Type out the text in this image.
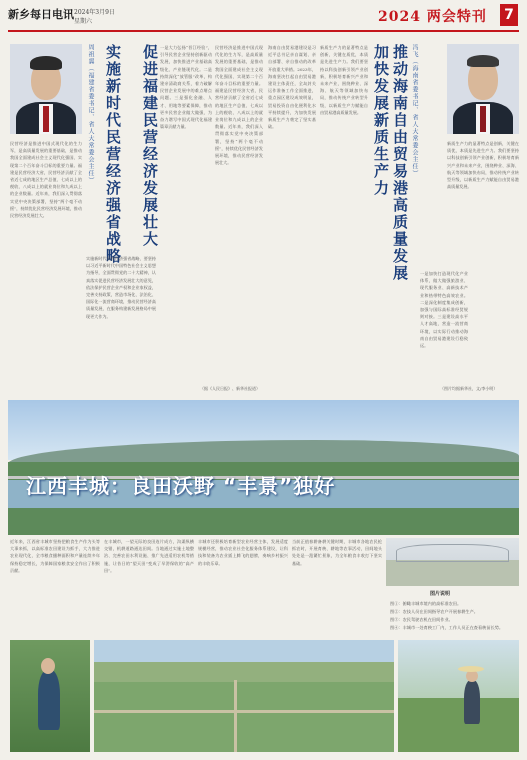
新乡每日电讯 2024年3月9日
星期六	2024 两会特刊 7
促进福建民营经济发展壮大
实施新时代民营经济强省战略
周祖翼（福建省委书记、省人大常委会主任）
民营经济是推进中国式现代化的生力军，是高质量发展的重要基础，是推动我国全面建成社会主义现代化强国、实现第二个百年奋斗目标的重要力量。福建是民营经济大省，民营经济贡献了全省近七成的地区生产总值、七成以上的税收、八成以上的就业岗位和九成以上的企业数量。近年来，我们深入贯彻落实党中央决策部署，坚持“两个毫不动摇”，持续优化民营经济发展环境，推动民营经济发展壮大。
实施新时代民营经济强省战略，要坚持以习近平新时代中国特色社会主义思想为指导，全面贯彻党的二十大精神，认真落实促进民营经济发展壮大的意见，依法保护民营企业产权和企业家权益，完善支持政策，营造市场化、法治化、国际化一流营商环境，推动民营经济高质量发展，在服务构建新发展格局中展现更大作为。
一是大力弘扬“晋江经验”，引导民营企业坚持创新驱动发展，加快推进产业基础高级化、产业链现代化。二是持续深化“放管服”改革，构建亲清政商关系，着力破解民营企业发展中的难点堵点问题。三是强化金融、人才、用地等要素保障，推动更多民营企业做大做强，为奋力谱写中国式现代化福建篇章贡献力量。
民营经济是推进中国式现代化的生力军，是高质量发展的重要基础，是推动我国全面建成社会主义现代化强国、实现第二个百年奋斗目标的重要力量。福建是民营经济大省，民营经济贡献了全省近七成的地区生产总值、七成以上的税收、八成以上的就业岗位和九成以上的企业数量。近年来，我们深入贯彻落实党中央决策部署，坚持“两个毫不动摇”，持续优化民营经济发展环境，推动民营经济发展壮大。
（据《人民日报》、新华社报道）
海南自由贸易港建设是习近平总书记亲自谋划、亲自部署、亲自推动的改革开放重大举措。2023年，海南坚决扛起自由贸易港建设主体责任，全岛封关运作准备工作全面推进，重点园区建设成效明显，贸易投资自由化便利化水平持续提升，为加快发展新质生产力奠定了坚实基础。
新质生产力的显著特点是创新，关键在质优，本质是先进生产力。我们要坚持以科技创新引领产业创新，积极培育新兴产业和未来产业，围绕种业、深海、航天等领域加快布局，推动传统产业转型升级，以新质生产力赋能自由贸易港高质量发展。	推动海南自由贸易港高质量发展
加快发展新质生产力	冯飞（海南省委书记、省人大常委会主任）
一是加快打造现代化产业体系，做大做强旅游业、现代服务业、高新技术产业和热带特色高效农业。二是深化制度集成创新，加强与国际高标准经贸规则对接。三是建设高水平人才高地，营造一流营商环境，以实际行动推动海南自由贸易港建设行稳致远。
新质生产力的显著特点是创新，关键在质优，本质是先进生产力。我们要坚持以科技创新引领产业创新，积极培育新兴产业和未来产业，围绕种业、深海、航天等领域加快布局，推动传统产业转型升级，以新质生产力赋能自由贸易港高质量发展。
（图片均据新华社，文/李小明）
江西丰城：良田沃野 “丰景”独好
近年来，江西省丰城市坚持把粮食生产作为头等大事来抓，以高标准农田建设为抓手，大力推进农业现代化，全市粮食播种面积和产量连续多年保持稳定增长，为保障国家粮食安全作出了积极贡献。
在丰城市，一望无际的良田连片成方，沟渠纵横交错，机耕道路通达田间。当地通过实施土地整治、完善农田水利设施、推广先进适用农机等措施，让昔日的“望天田”变成了旱涝保收的“高产田”。
丰城市还积极培育新型农业经营主体，发展适度规模经营，推动农业社会化服务体系建设，让科技和装备为农业插上腾飞的翅膀，奏响乡村振兴的丰收乐章。
当前正值春耕备耕关键时期，丰城市各地农民抢抓农时，开展育秧、耕地等农事活动，田间地头处处是一派繁忙景象，为全年粮食丰收打下坚实基础。
图片说明
图①：俯瞰丰城市境内的高标准农田。
图②：农技人员在田间指导农户开展春耕生产。
图③：农民驾驶农机在田间作业。
图④：丰城市一处育秧工厂内，工作人员正在查看秧苗长势。
